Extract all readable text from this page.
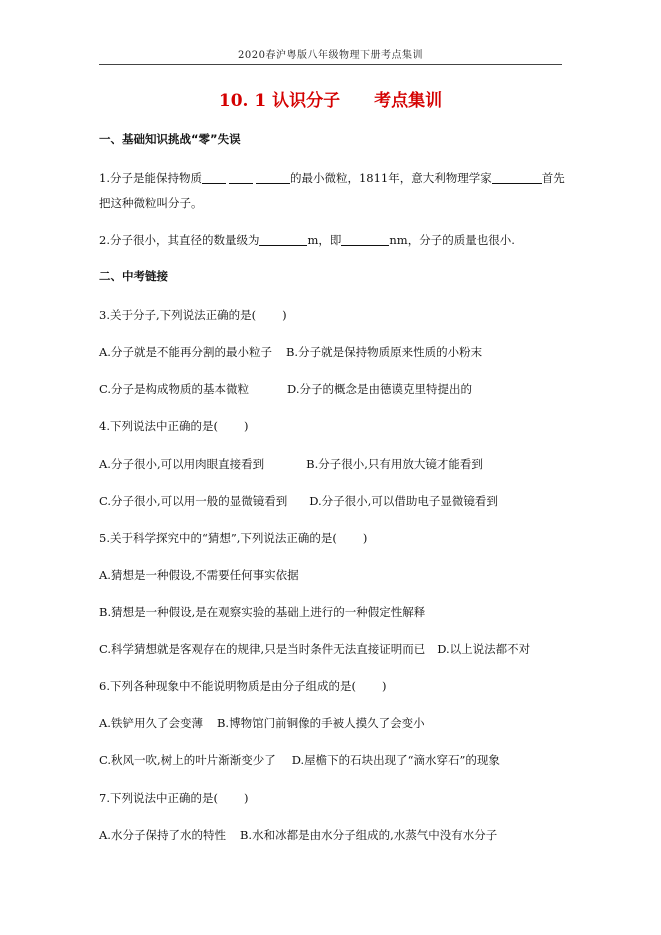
2020春沪粤版八年级物理下册考点集训
10. 1 认识分子 考点集训
一、基础知识挑战“零”失误
1.分子是能保持物质	的最小微粒，1811年，意大利物理学家	首先
把这种微粒叫分子。
2.分子很小，其直径的数量级为	m，即	nm，分子的质量也很小.
二、中考链接
3.关于分子,下列说法正确的是( )
A.分子就是不能再分割的最小粒子 B.分子就是保持物质原来性质的小粉末
C.分子是构成物质的基本微粒	D.分子的概念是由德谟克里特提出的
4.下列说法中正确的是( )
A.分子很小,可以用肉眼直接看到	B.分子很小,只有用放大镜才能看到
C.分子很小,可以用一般的显微镜看到 D.分子很小,可以借助电子显微镜看到
5.关于科学探究中的“猜想”,下列说法正确的是( )
A.猜想是一种假设,不需要任何事实依据
B.猜想是一种假设,是在观察实验的基础上进行的一种假定性解释
C.科学猜想就是客观存在的规律,只是当时条件无法直接证明而已 D.以上说法都不对
6.下列各种现象中不能说明物质是由分子组成的是( )
A.铁铲用久了会变薄 B.博物馆门前铜像的手被人摸久了会变小
C.秋风一吹,树上的叶片渐渐变少了 D.屋檐下的石块出现了“滴水穿石”的现象
7.下列说法中正确的是( )
A.水分子保持了水的特性 B.水和冰都是由水分子组成的,水蒸气中没有水分子
